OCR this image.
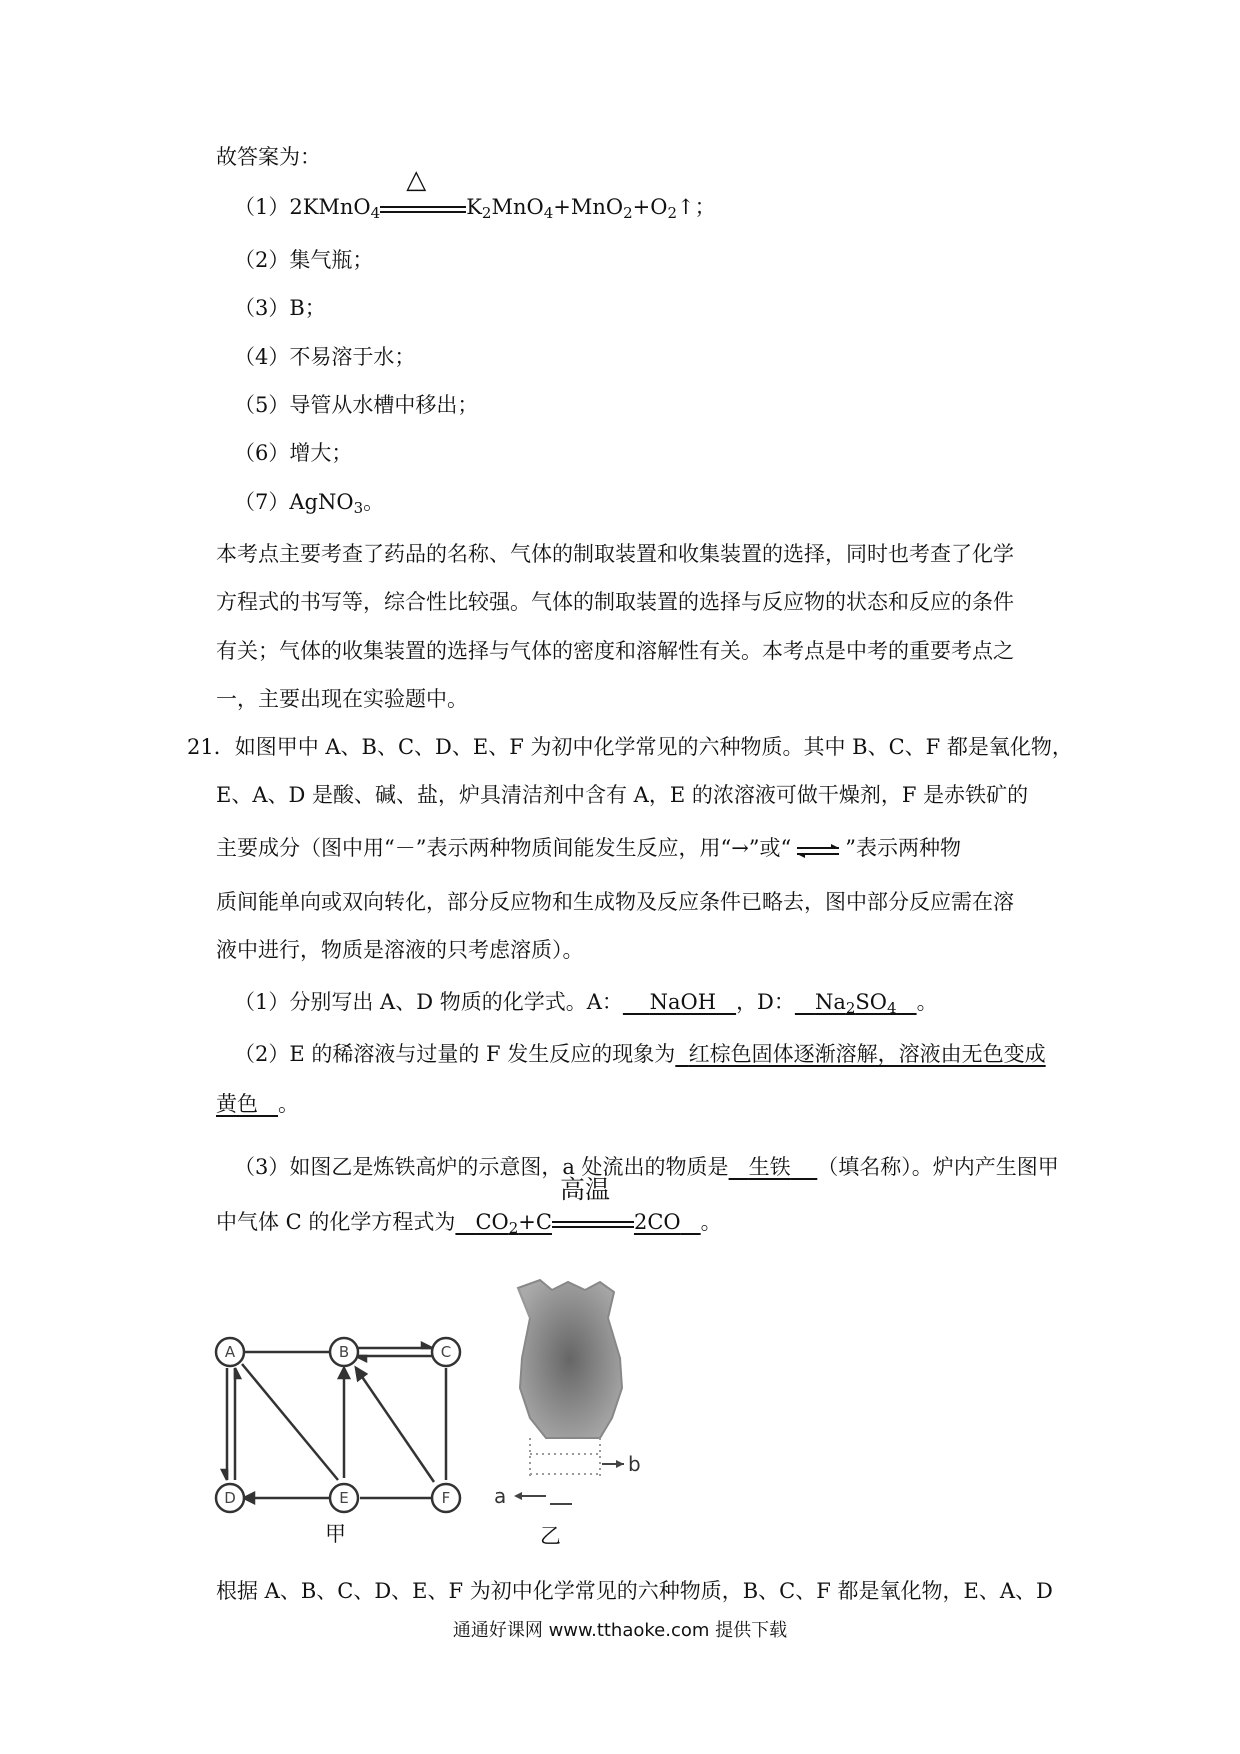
故答案为：
（1）2KMnO$_4$
△
$K_2MnO_4+MnO_2+O_2↑$；
（2）集气瓶；
（3）B；
（4）不易溶于水；
（5）导管从水槽中移出；
（6）增大；
（7）AgNO$_3$。
本考点主要考查了药品的名称、气体的制取装置和收集装置的选择，同时也考查了化学
方程式的书写等，综合性比较强。气体的制取装置的选择与反应物的状态和反应的条件
有关；气体的收集装置的选择与气体的密度和溶解性有关。本考点是中考的重要考点之
一，主要出现在实验题中。
21．如图甲中 A、B、C、D、E、F 为初中化学常见的六种物质。其中 B、C、F 都是氧化物，
E、A、D 是酸、碱、盐，炉具清洁剂中含有 A，E 的浓溶液可做干燥剂，F 是赤铁矿的
主要成分（图中用“－”表示两种物质间能发生反应，用“→”或“	”表示两种物
质间能单向或双向转化，部分反应物和生成物及反应条件已略去，图中部分反应需在溶
液中进行，物质是溶液的只考虑溶质）。
（1）分别写出 A、D 物质的化学式。A： NaOH ，D： $Na_2SO_4$ 。
（2）E 的稀溶液与过量的 F 发生反应的现象为 红棕色固体逐渐溶解，溶液由无色变成
黄色 。
（3）如图乙是炼铁高炉的示意图，a 处流出的物质是 生铁 （填名称）。炉内产生图甲
中气体 C 的化学方程式为 $CO_2+C$
高温
2CO 。
A	B	C
D	E	F
甲
b
a
乙
根据 A、B、C、D、E、F 为初中化学常见的六种物质，B、C、F 都是氧化物，E、A、D
通通好课网 www.tthaoke.com 提供下载
